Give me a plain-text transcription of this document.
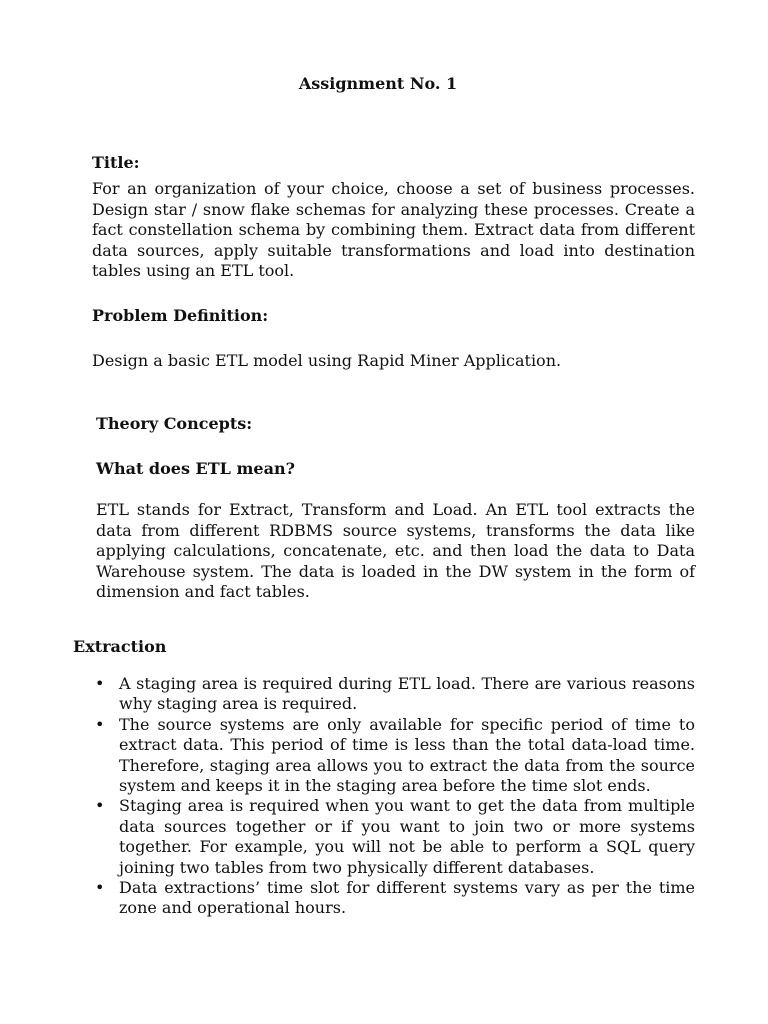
Assignment No. 1
Title:

For an organization of your choice, choose a set of business processes. Design star / snow flake schemas for analyzing these processes. Create a fact constellation schema by combining them. Extract data from different data sources, apply suitable transformations and load into destination tables using an ETL tool.

Problem Definition:

Design a basic ETL model using Rapid Miner Application.

Theory Concepts:
What does ETL mean?

ETL stands for Extract, Transform and Load. An ETL tool extracts the data from different RDBMS source systems, transforms the data like applying calculations, concatenate, etc. and then load the data to Data Warehouse system. The data is loaded in the DW system in the form of dimension and fact tables.

Extraction
• A staging area is required during ETL load. There are various reasons why staging area is required.
• The source systems are only available for specific period of time to extract data. This period of time is less than the total data-load time. Therefore, staging area allows you to extract the data from the source system and keeps it in the staging area before the time slot ends.
• Staging area is required when you want to get the data from multiple data sources together or if you want to join two or more systems together. For example, you will not be able to perform a SQL query joining two tables from two physically different databases.
• Data extractions’ time slot for different systems vary as per the time zone and operational hours.
